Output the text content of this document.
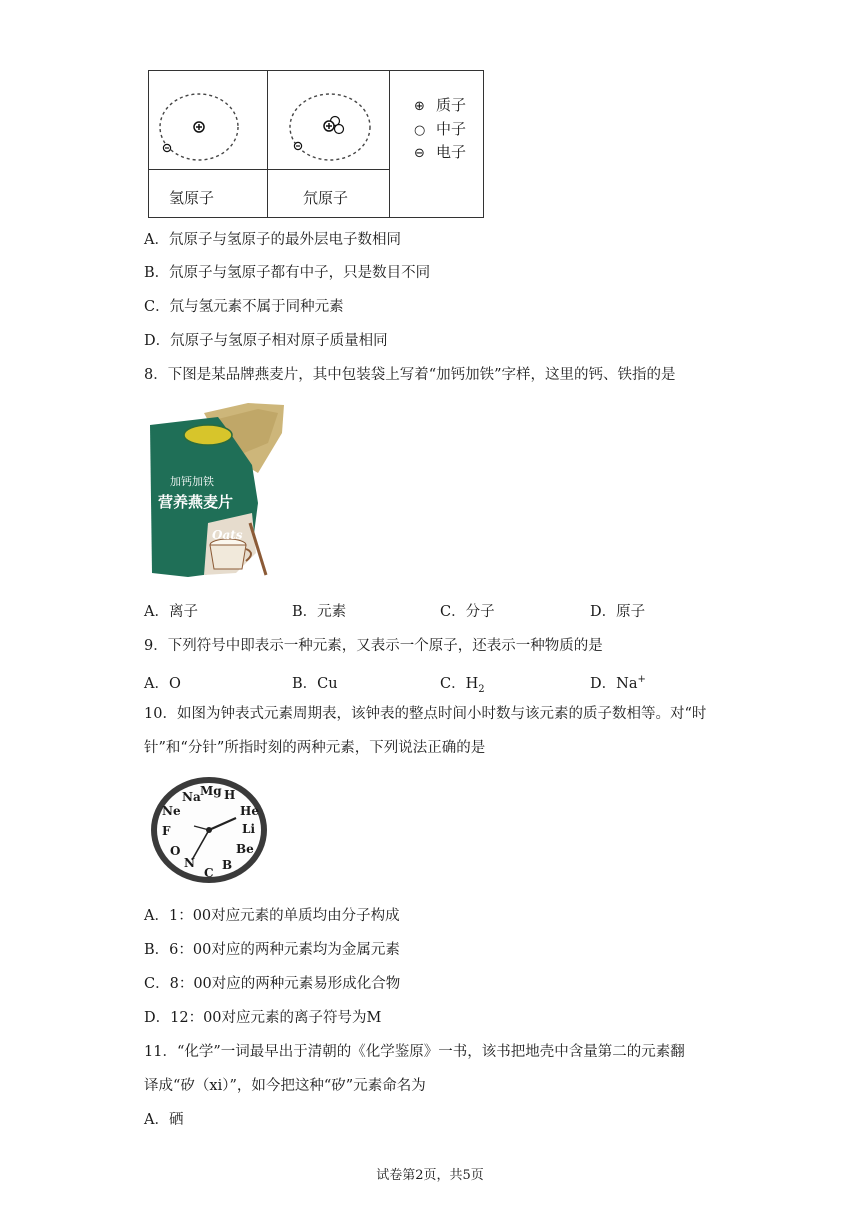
氢原子	氘原子
⊕ 质子
○ 中子
⊖ 电子
A．氘原子与氢原子的最外层电子数相同
B．氘原子与氢原子都有中子，只是数目不同
C．氘与氢元素不属于同种元素
D．氘原子与氢原子相对原子质量相同
8．下图是某品牌燕麦片，其中包装袋上写着“加钙加铁”字样，这里的钙、铁指的是
加钙加铁
营养燕麦片
Oats
A．离子	B．元素	C．分子	D．原子
9．下列符号中即表示一种元素，又表示一个原子，还表示一种物质的是
A．O	B．Cu	C．$H_2$	D．Na+
10．如图为钟表式元素周期表，该钟表的整点时间小时数与该元素的质子数相等。对“时
针”和“分针”所指时刻的两种元素，下列说法正确的是
H
He
Li
Be
B
C
N
O
F
Ne
Na Mg
A．1：00对应元素的单质均由分子构成
B．6：00对应的两种元素均为金属元素
C．8：00对应的两种元素易形成化合物
D．12：00对应元素的离子符号为M
11．“化学”一词最早出于清朝的《化学鉴原》一书，该书把地壳中含量第二的元素翻
译成“矽（xi）”，如今把这种“矽”元素命名为
A．硒
试卷第2页，共5页
